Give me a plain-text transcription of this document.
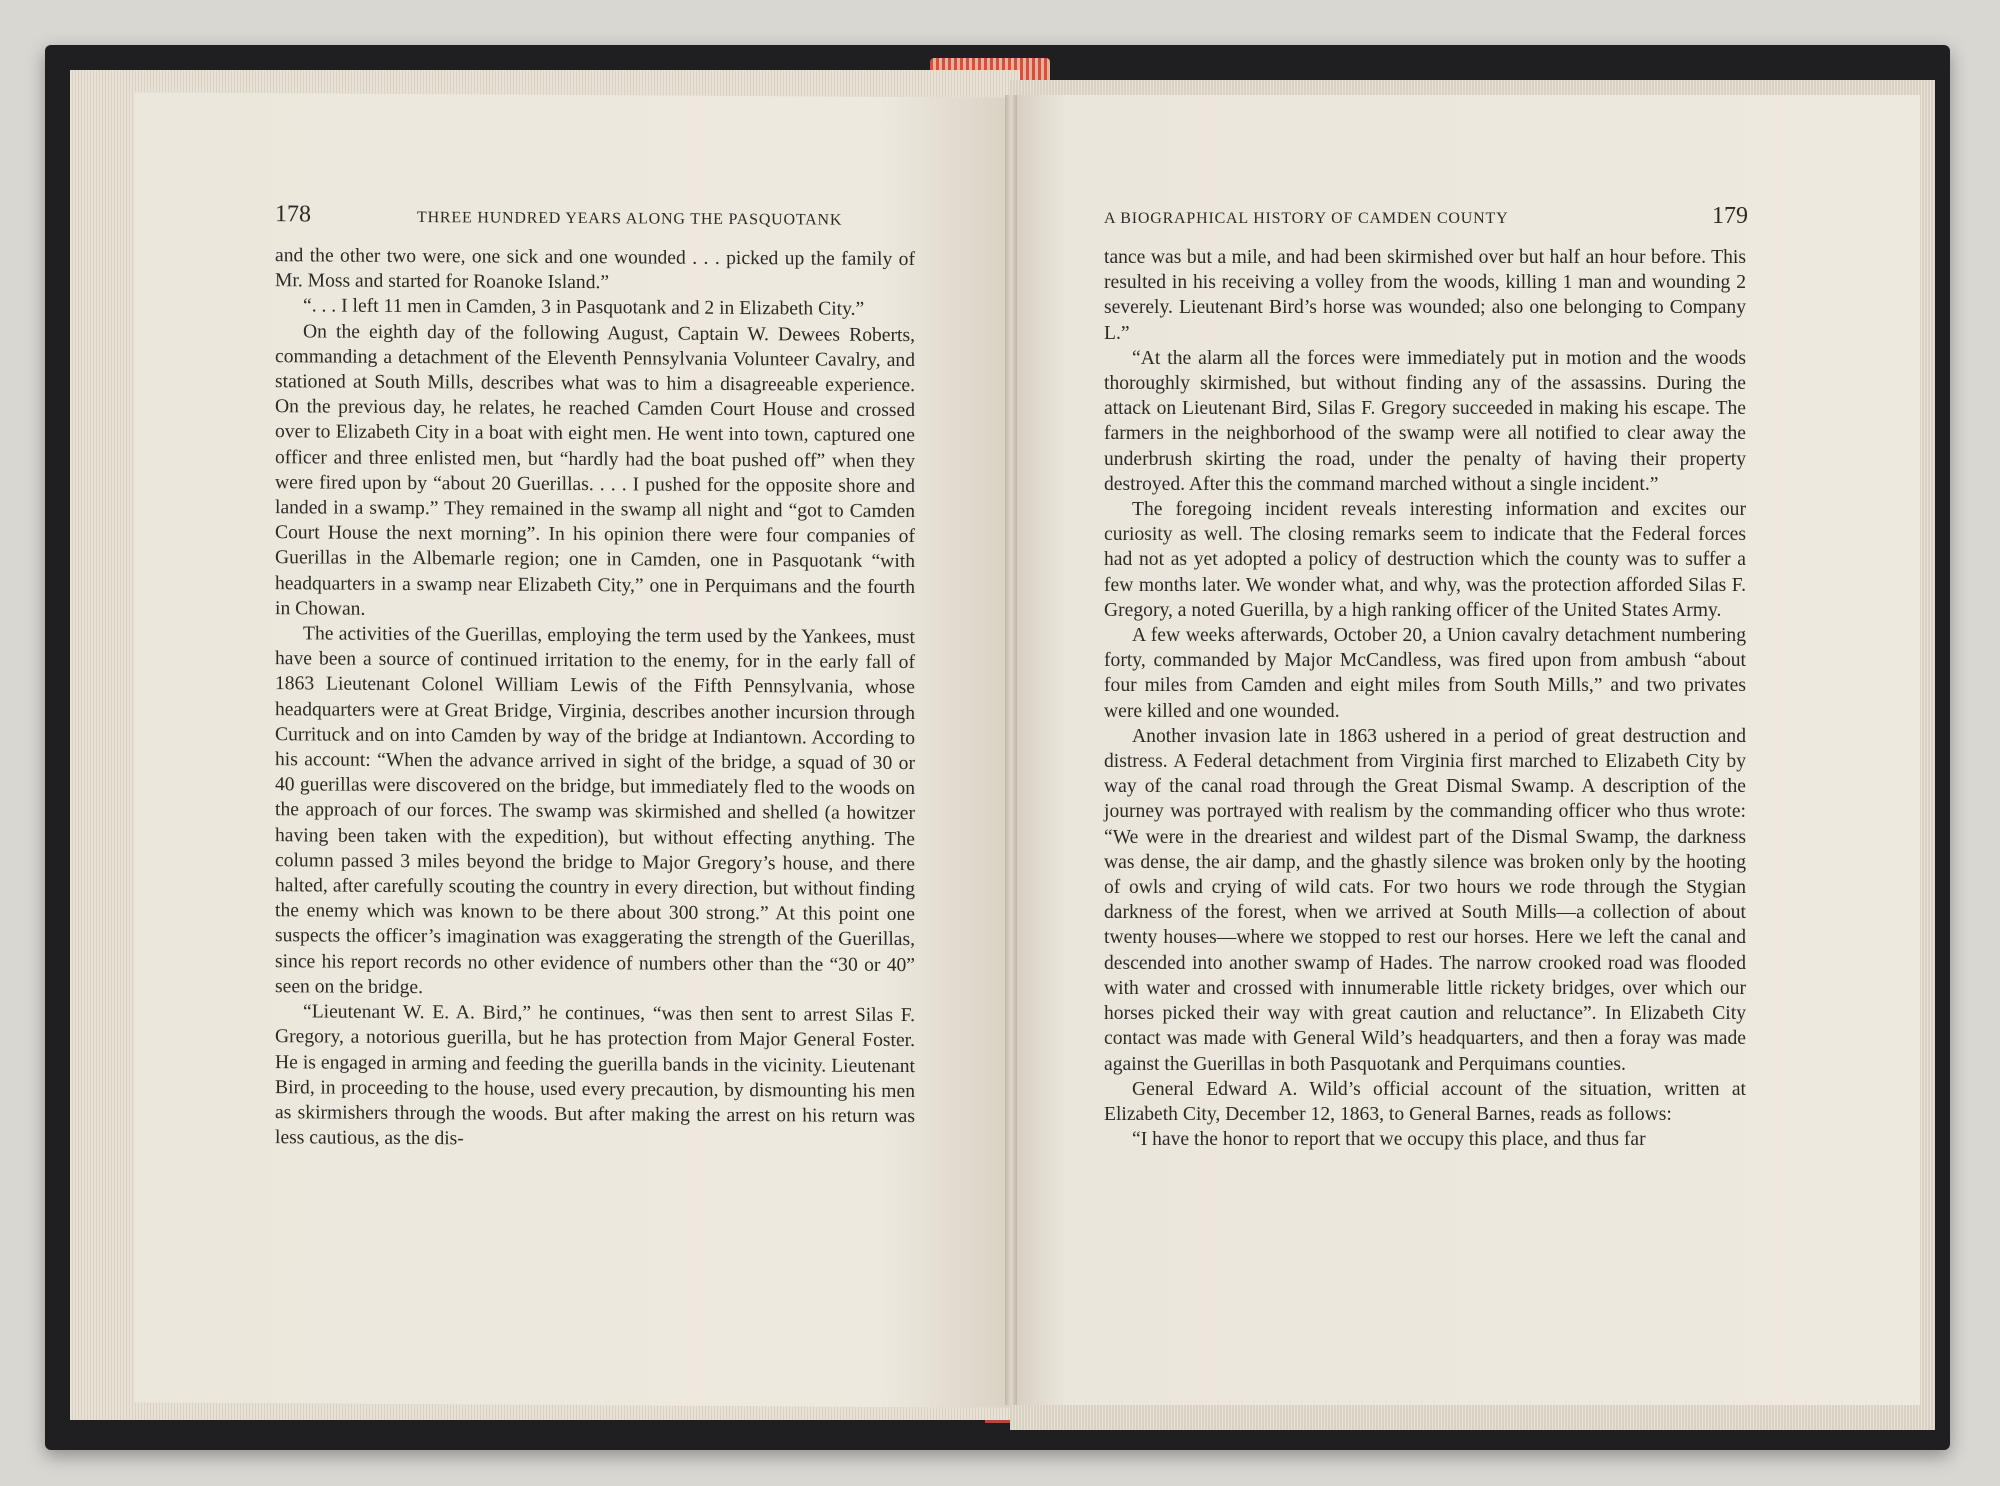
178	THREE HUNDRED YEARS ALONG THE PASQUOTANK

and the other two were, one sick and one wounded . . . picked up the family of Mr. Moss and started for Roanoke Island.”

“. . . I left 11 men in Camden, 3 in Pasquotank and 2 in Elizabeth City.”

On the eighth day of the following August, Captain W. Dewees Roberts, commanding a detachment of the Eleventh Pennsylvania Volunteer Cavalry, and stationed at South Mills, describes what was to him a disagreeable experience. On the previous day, he relates, he reached Camden Court House and crossed over to Elizabeth City in a boat with eight men. He went into town, captured one officer and three enlisted men, but “hardly had the boat pushed off” when they were fired upon by “about 20 Guerillas. . . . I pushed for the opposite shore and landed in a swamp.” They remained in the swamp all night and “got to Camden Court House the next morning”. In his opinion there were four companies of Guerillas in the Albemarle region; one in Camden, one in Pasquotank “with headquarters in a swamp near Elizabeth City,” one in Perquimans and the fourth in Chowan.

The activities of the Guerillas, employing the term used by the Yankees, must have been a source of continued irritation to the enemy, for in the early fall of 1863 Lieutenant Colonel William Lewis of the Fifth Pennsylvania, whose headquarters were at Great Bridge, Virginia, describes another incursion through Currituck and on into Camden by way of the bridge at Indiantown. According to his account: “When the advance arrived in sight of the bridge, a squad of 30 or 40 guerillas were discovered on the bridge, but immediately fled to the woods on the approach of our forces. The swamp was skirmished and shelled (a howitzer having been taken with the expedition), but without effecting anything. The column passed 3 miles beyond the bridge to Major Gregory’s house, and there halted, after carefully scouting the country in every direction, but without finding the enemy which was known to be there about 300 strong.” At this point one suspects the officer’s imagination was exaggerating the strength of the Guerillas, since his report records no other evidence of numbers other than the “30 or 40” seen on the bridge.

“Lieutenant W. E. A. Bird,” he continues, “was then sent to arrest Silas F. Gregory, a notorious guerilla, but he has protection from Major General Foster. He is engaged in arming and feeding the guerilla bands in the vicinity. Lieutenant Bird, in proceeding to the house, used every precaution, by dismounting his men as skirmishers through the woods. But after making the arrest on his return was less cautious, as the dis-

A BIOGRAPHICAL HISTORY OF CAMDEN COUNTY	179

tance was but a mile, and had been skirmished over but half an hour before. This resulted in his receiving a volley from the woods, killing 1 man and wounding 2 severely. Lieutenant Bird’s horse was wounded; also one belonging to Company L.”

“At the alarm all the forces were immediately put in motion and the woods thoroughly skirmished, but without finding any of the assassins. During the attack on Lieutenant Bird, Silas F. Gregory succeeded in making his escape. The farmers in the neighborhood of the swamp were all notified to clear away the underbrush skirting the road, under the penalty of having their property destroyed. After this the command marched without a single incident.”

The foregoing incident reveals interesting information and excites our curiosity as well. The closing remarks seem to indicate that the Federal forces had not as yet adopted a policy of destruction which the county was to suffer a few months later. We wonder what, and why, was the protection afforded Silas F. Gregory, a noted Guerilla, by a high ranking officer of the United States Army.

A few weeks afterwards, October 20, a Union cavalry detachment numbering forty, commanded by Major McCandless, was fired upon from ambush “about four miles from Camden and eight miles from South Mills,” and two privates were killed and one wounded.

Another invasion late in 1863 ushered in a period of great destruction and distress. A Federal detachment from Virginia first marched to Elizabeth City by way of the canal road through the Great Dismal Swamp. A description of the journey was portrayed with realism by the commanding officer who thus wrote: “We were in the dreariest and wildest part of the Dismal Swamp, the darkness was dense, the air damp, and the ghastly silence was broken only by the hooting of owls and crying of wild cats. For two hours we rode through the Stygian darkness of the forest, when we arrived at South Mills—a collection of about twenty houses—where we stopped to rest our horses. Here we left the canal and descended into another swamp of Hades. The narrow crooked road was flooded with water and crossed with innumerable little rickety bridges, over which our horses picked their way with great caution and reluctance”. In Elizabeth City contact was made with General Wild’s headquarters, and then a foray was made against the Guerillas in both Pasquotank and Perquimans counties.

General Edward A. Wild’s official account of the situation, written at Elizabeth City, December 12, 1863, to General Barnes, reads as follows:

“I have the honor to report that we occupy this place, and thus far
